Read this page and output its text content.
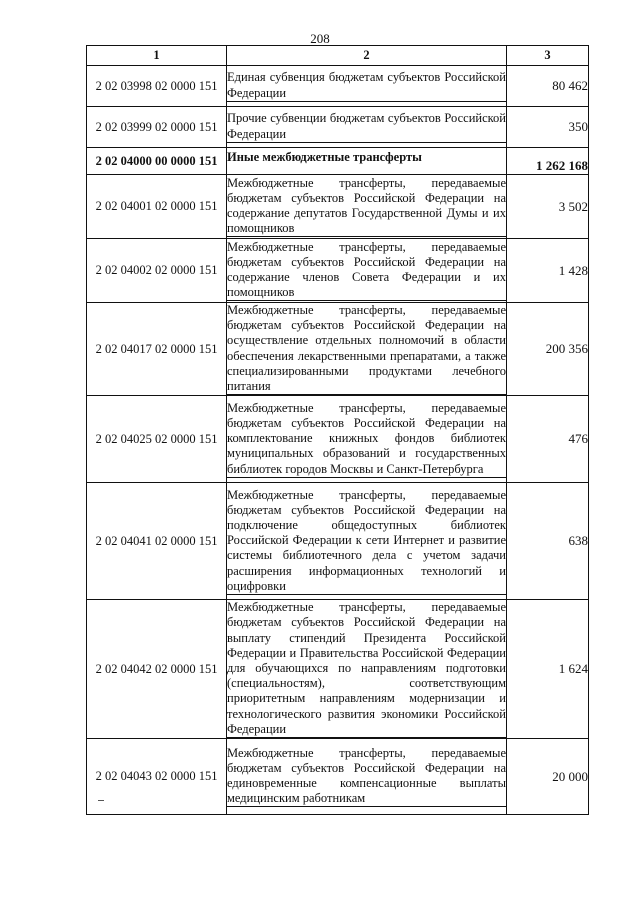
208
1	2	3
2 02 03998 02 0000 151	Единая субвенция бюджетам субъектов Российской Федерации	80 462
2 02 03999 02 0000 151	Прочие субвенции бюджетам субъектов Российской Федерации	350
2 02 04000 00 0000 151	Иные межбюджетные трансферты	1 262 168
2 02 04001 02 0000 151	Межбюджетные трансферты, передаваемые бюджетам субъектов Российской Федерации на содержание депутатов Государственной Думы и их помощников	3 502
2 02 04002 02 0000 151	Межбюджетные трансферты, передаваемые бюджетам субъектов Российской Федерации на содержание членов Совета Федерации и их помощников	1 428
2 02 04017 02 0000 151	Межбюджетные трансферты, передаваемые бюджетам субъектов Российской Федерации на осуществление отдельных полномочий в области обеспечения лекарственными препаратами, а также специализированными продуктами лечебного питания	200 356
2 02 04025 02 0000 151	Межбюджетные трансферты, передаваемые бюджетам субъектов Российской Федерации на комплектование книжных фондов библиотек муниципальных образований и государственных библиотек городов Москвы и Санкт-Петербурга	476
2 02 04041 02 0000 151	Межбюджетные трансферты, передаваемые бюджетам субъектов Российской Федерации на подключение общедоступных библиотек Российской Федерации к сети Интернет и развитие системы библиотечного дела с учетом задачи расширения информационных технологий и оцифровки	638
2 02 04042 02 0000 151	Межбюджетные трансферты, передаваемые бюджетам субъектов Российской Федерации на выплату стипендий Президента Российской Федерации и Правительства Российской Федерации для обучающихся по направлениям подготовки (специальностям), соответствующим приоритетным направлениям модернизации и технологического развития экономики Российской Федерации	1 624
2 02 04043 02 0000 151	Межбюджетные трансферты, передаваемые бюджетам субъектов Российской Федерации на единовременные компенсационные выплаты медицинским работникам	20 000
